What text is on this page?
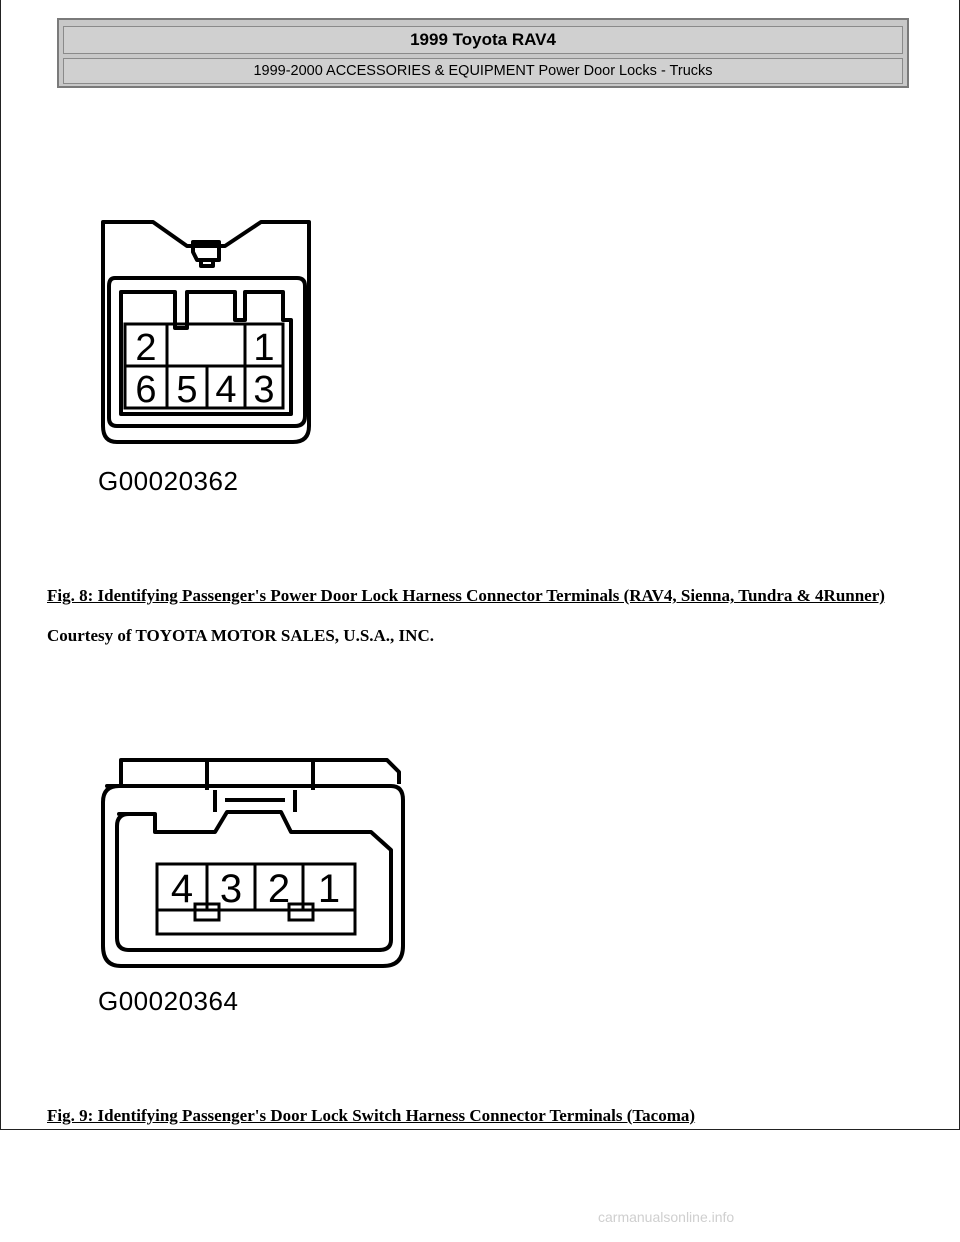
1999 Toyota RAV4
1999-2000 ACCESSORIES & EQUIPMENT Power Door Locks - Trucks
2	1
6 5 4 3
G00020362
Fig. 8: Identifying Passenger's Power Door Lock Harness Connector Terminals (RAV4, Sienna, Tundra & 4Runner)
Courtesy of TOYOTA MOTOR SALES, U.S.A., INC.
4 3 2 1
G00020364
Fig. 9: Identifying Passenger's Door Lock Switch Harness Connector Terminals (Tacoma)
carmanualsonline.info
